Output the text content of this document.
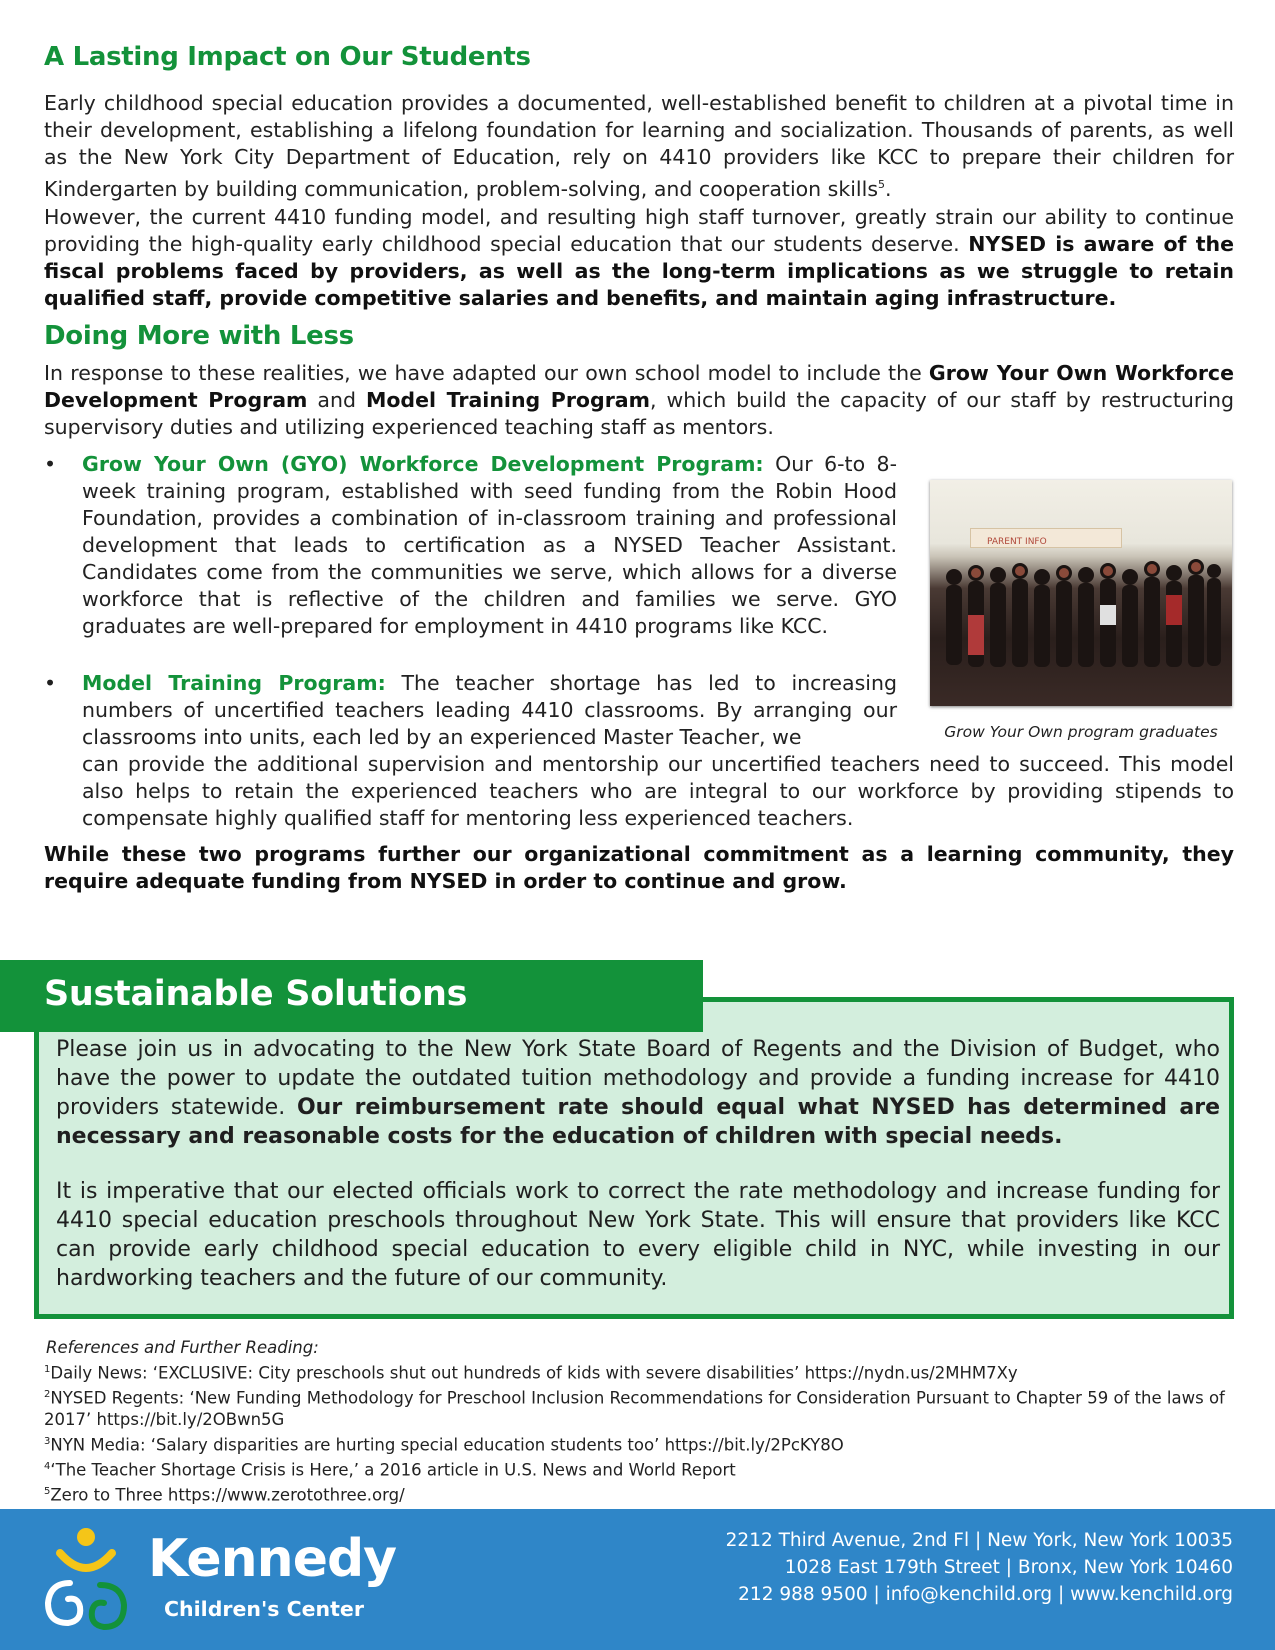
A Lasting Impact on Our Students

Early childhood special education provides a documented, well-established benefit to children at a pivotal time in their development, establishing a lifelong foundation for learning and socialization. Thousands of parents, as well as the New York City Department of Education, rely on 4410 providers like KCC to prepare their children for Kindergarten by building communication, problem-solving, and cooperation skills$^5$.

However, the current 4410 funding model, and resulting high staff turnover, greatly strain our ability to continue providing the high-quality early childhood special education that our students deserve. NYSED is aware of the fiscal problems faced by providers, as well as the long-term implications as we struggle to retain qualified staff, provide competitive salaries and benefits, and maintain aging infrastructure.

Doing More with Less

In response to these realities, we have adapted our own school model to include the Grow Your Own Workforce Development Program and Model Training Program, which build the capacity of our staff by restructuring supervisory duties and utilizing experienced teaching staff as mentors.

• Grow Your Own (GYO) Workforce Development Program: Our 6-to 8-week training program, established with seed funding from the Robin Hood Foundation, provides a combination of in-classroom training and professional development that leads to certification as a NYSED Teacher Assistant. Candidates come from the communities we serve, which allows for a diverse workforce that is reflective of the children and families we serve. GYO graduates are well-prepared for employment in 4410 programs like KCC.

PARENT INFO
Grow Your Own program graduates
• Model Training Program: The teacher shortage has led to increasing numbers of uncertified teachers leading 4410 classrooms. By arranging our classrooms into units, each led by an experienced Master Teacher, we

can provide the additional supervision and mentorship our uncertified teachers need to succeed. This model also helps to retain the experienced teachers who are integral to our workforce by providing stipends to compensate highly qualified staff for mentoring less experienced teachers.

While these two programs further our organizational commitment as a learning community, they require adequate funding from NYSED in order to continue and grow.

Sustainable Solutions

Please join us in advocating to the New York State Board of Regents and the Division of Budget, who have the power to update the outdated tuition methodology and provide a funding increase for 4410 providers statewide. Our reimbursement rate should equal what NYSED has determined are necessary and reasonable costs for the education of children with special needs.

It is imperative that our elected officials work to correct the rate methodology and increase funding for 4410 special education preschools throughout New York State. This will ensure that providers like KCC can provide early childhood special education to every eligible child in NYC, while investing in our hardworking teachers and the future of our community.

References and Further Reading:

$^1$Daily News: ‘EXCLUSIVE: City preschools shut out hundreds of kids with severe disabilities’ https://nydn.us/2MHM7Xy
$^2$NYSED Regents: ‘New Funding Methodology for Preschool Inclusion Recommendations for Consideration Pursuant to Chapter 59 of the laws of 2017’ https://bit.ly/2OBwn5G
$^3$NYN Media: ‘Salary disparities are hurting special education students too’ https://bit.ly/2PcKY8O
$^4$‘The Teacher Shortage Crisis is Here,’ a 2016 article in U.S. News and World Report
$^5$Zero to Three https://www.zerotothree.org/
Kennedy
Children's Center
2212 Third Avenue, 2nd Fl | New York, New York 10035
1028 East 179th Street | Bronx, New York 10460
212 988 9500 | info@kenchild.org | www.kenchild.org
